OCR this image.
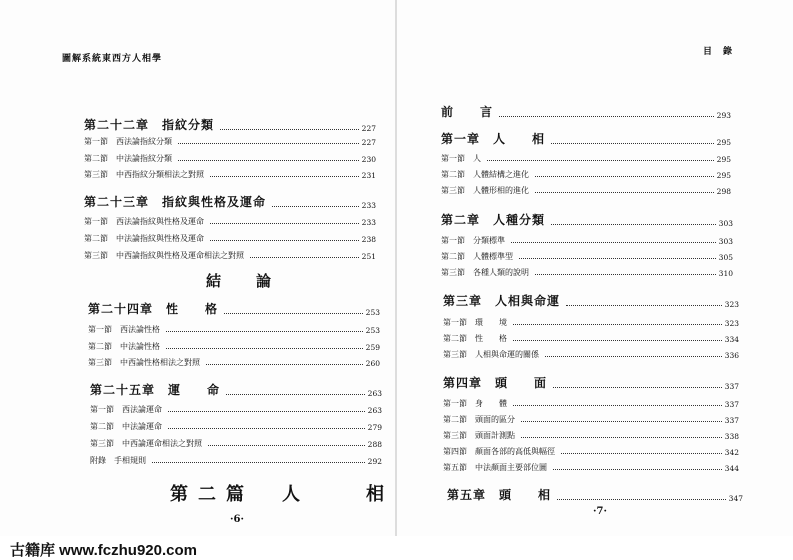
圖解系統東西方人相學
第二十二章　指紋分類	227
第一節　西法論指紋分類	227
第二節　中法論指紋分類	230
第三節　中西指紋分類相法之對照	231
第二十三章　指紋與性格及運命	233
第一節　西法論指紋與性格及運命	233
第二節　中法論指紋與性格及運命	238
第三節　中西論指紋與性格及運命相法之對照	251
結　論
第二十四章　性　　格	253
第一節　西法論性格	253
第二節　中法論性格	259
第三節　中西論性格相法之對照	260
第二十五章　運　　命	263
第一節　西法論運命	263
第二節　中法論運命	279
第三節　中西論運命相法之對照	288
附錄　手相規則	292
第二篇　人　　相
·6·
目　錄
前　　言	293
第一章　人　　相	295
第一節　人	295
第二節　人體結構之進化	295
第三節　人體形相的進化	298
第二章　人種分類	303
第一節　分類標準	303
第二節　人體標準型	305
第三節　各種人類的說明	310
第三章　人相與命運	323
第一節　環　　境	323
第二節　性　　格	334
第三節　人相與命運的關係	336
第四章　頭　　面	337
第一節　身　　體	337
第二節　頭面的區分	337
第三節　頭面計測點	338
第四節　顏面各部的高低與幅徑	342
第五節　中法顏面主要部位圖	344
第五章　頭　　相	347
·7·
古籍库 www.fczhu920.com
